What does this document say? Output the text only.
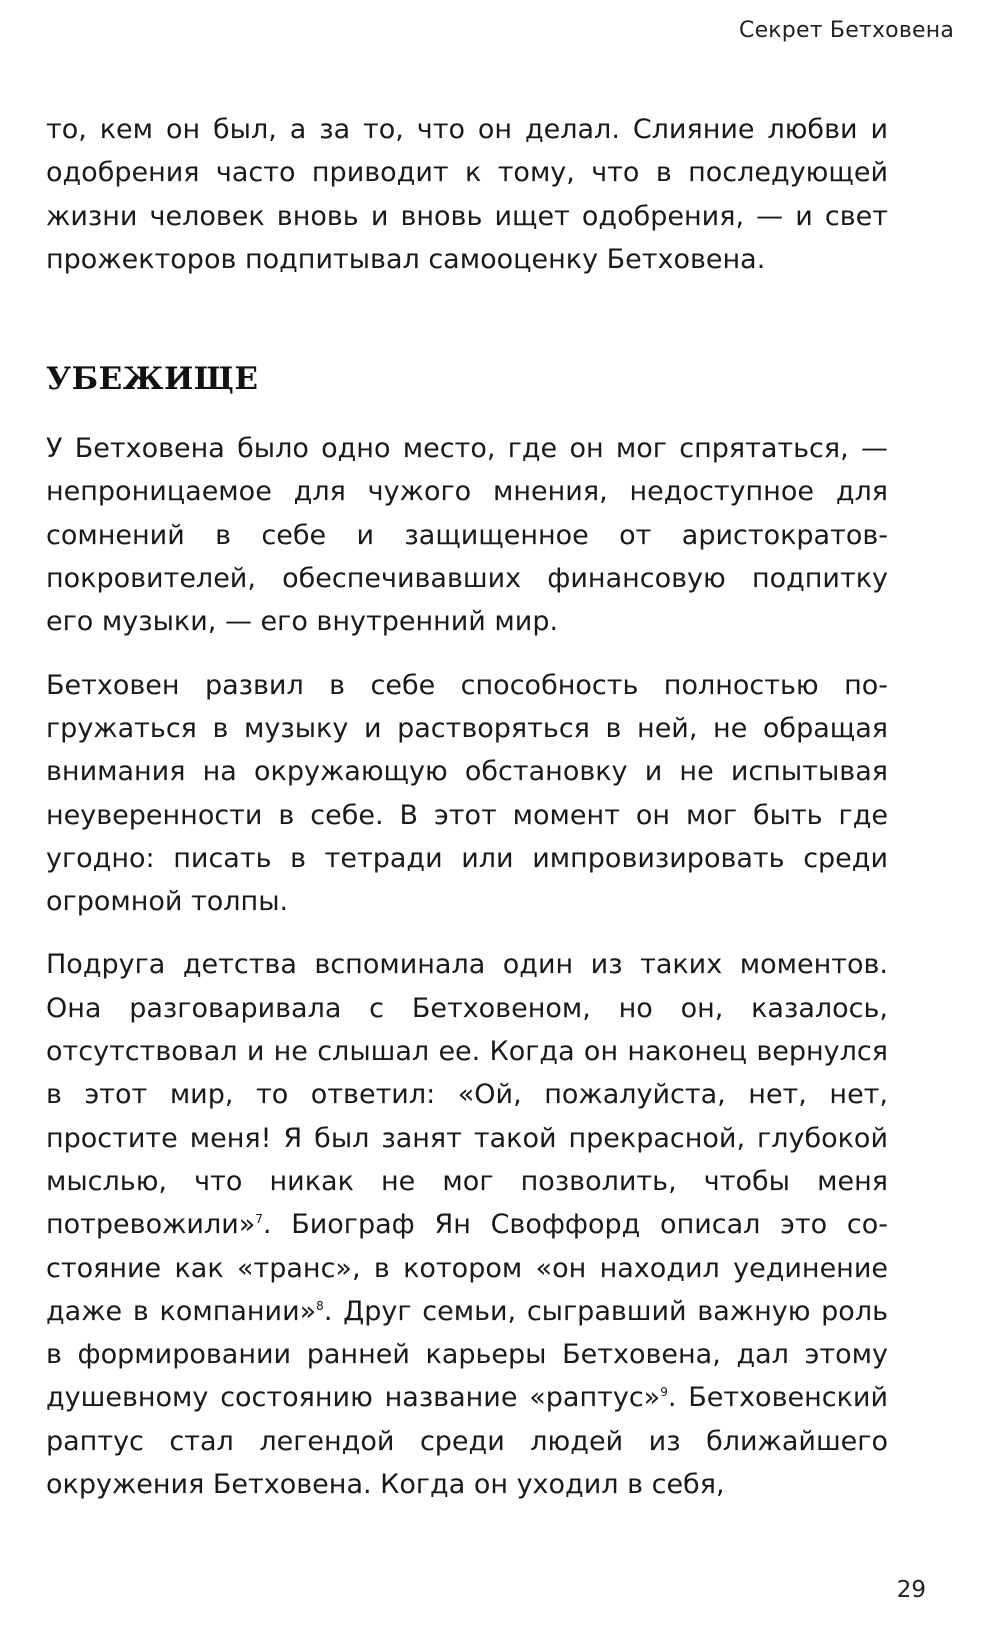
Секрет Бетховена

то, кем он был, а за то, что он делал. Слияние любви и одобрения часто приводит к тому, что в последующей жизни человек вновь и вновь ищет одобрения, — и свет прожекторов подпитывал самооценку Бетховена.

УБЕЖИЩЕ

У Бетховена было одно место, где он мог спрятаться, — непроницаемое для чужого мнения, недоступное для сомнений в себе и защищенное от аристократов-покровителей, обеспечивавших финансовую подпитку его музыки, — его внутренний мир.

Бетховен развил в себе способность полностью погружаться в музыку и растворяться в ней, не обращая внимания на окружающую обстановку и не испытывая неуверенности в себе. В этот момент он мог быть где угодно: писать в тетради или импровизировать среди огромной толпы.

Подруга детства вспоминала один из таких моментов. Она разговаривала с Бетховеном, но он, казалось, отсутствовал и не слышал ее. Когда он наконец вернулся в этот мир, то ответил: «Ой, пожалуйста, нет, нет, простите меня! Я был занят такой прекрасной, глубокой мыслью, что никак не мог позволить, чтобы меня потревожили»$^7$. Биограф Ян Своффорд описал это состояние как «транс», в котором «он находил уединение даже в компании»$^8$. Друг семьи, сыгравший важную роль в формировании ранней карьеры Бетховена, дал этому душевному состоянию название «раптус»$^9$. Бетховенский раптус стал легендой среди людей из ближайшего окружения Бетховена. Когда он уходил в себя,

29
